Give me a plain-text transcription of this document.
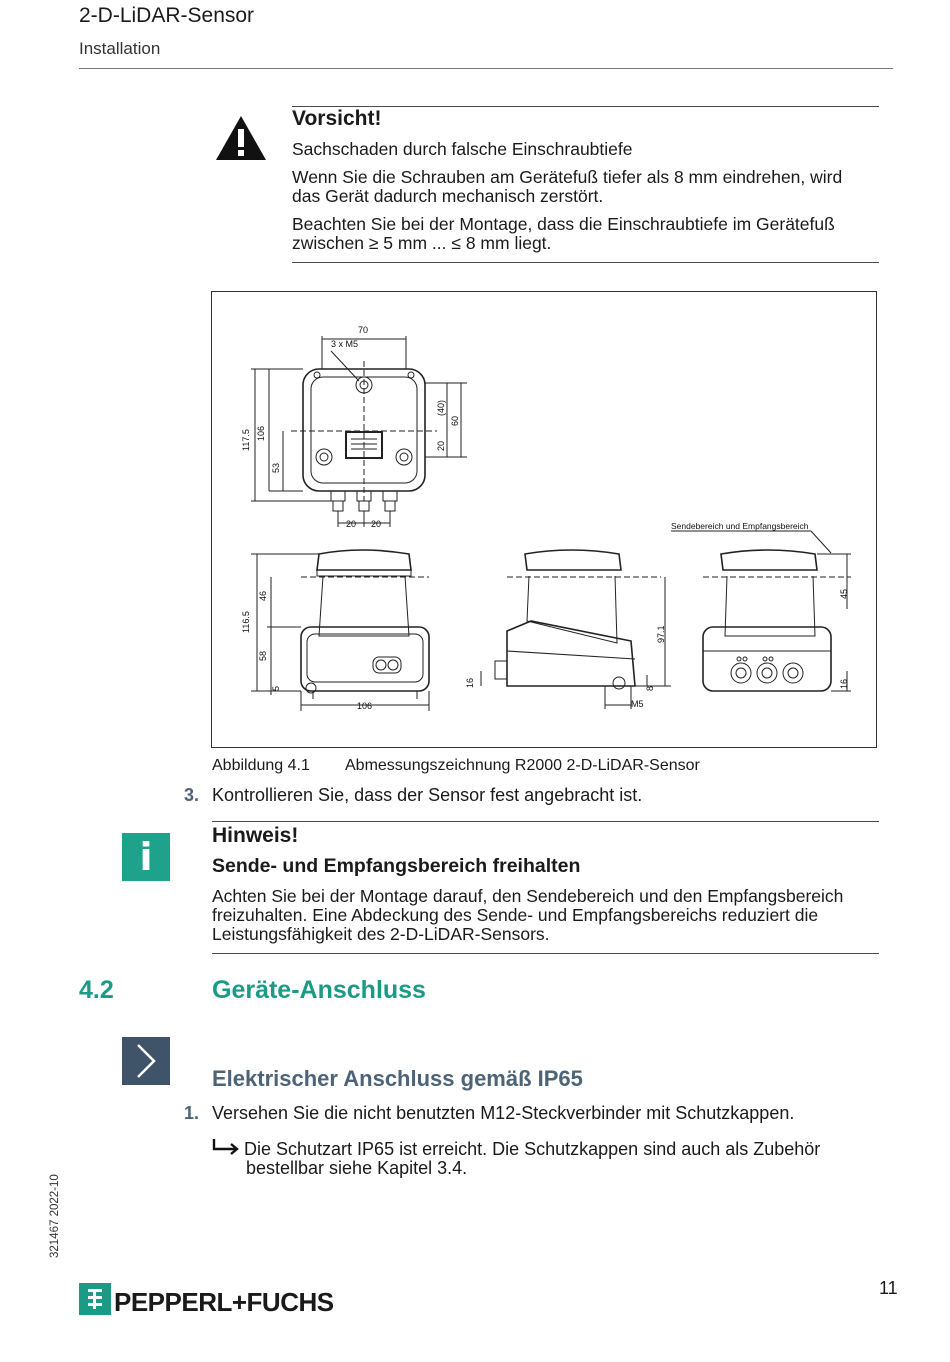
2-D-LiDAR-Sensor
Installation
Vorsicht!
Sachschaden durch falsche Einschraubtiefe
Wenn Sie die Schrauben am Gerätefuß tiefer als 8 mm eindrehen, wird
das Gerät dadurch mechanisch zerstört.
Beachten Sie bei der Montage, dass die Einschraubtiefe im Gerätefuß
zwischen ≥ 5 mm ... ≤ 8 mm liegt.
70
3 x M5
117.5 106
53
(40)
60
20
20 20
116.5
46
58
5
106
97.1
16
8
M5
45
16
Sendebereich und Empfangsbereich
Abbildung 4.1 Abmessungszeichnung R2000 2-D-LiDAR-Sensor
3. Kontrollieren Sie, dass der Sensor fest angebracht ist.
i	Hinweis!
Sende- und Empfangsbereich freihalten
Achten Sie bei der Montage darauf, den Sendebereich und den Empfangsbereich
freizuhalten. Eine Abdeckung des Sende- und Empfangsbereichs reduziert die
Leistungsfähigkeit des 2-D-LiDAR-Sensors.
4.2	Geräte-Anschluss
Elektrischer Anschluss gemäß IP65
1. Versehen Sie die nicht benutzten M12-Steckverbinder mit Schutzkappen.
Die Schutzart IP65 ist erreicht. Die Schutzkappen sind auch als Zubehör
bestellbar siehe Kapitel 3.4.
321467 2022-10
PEPPERL+FUCHS	11
